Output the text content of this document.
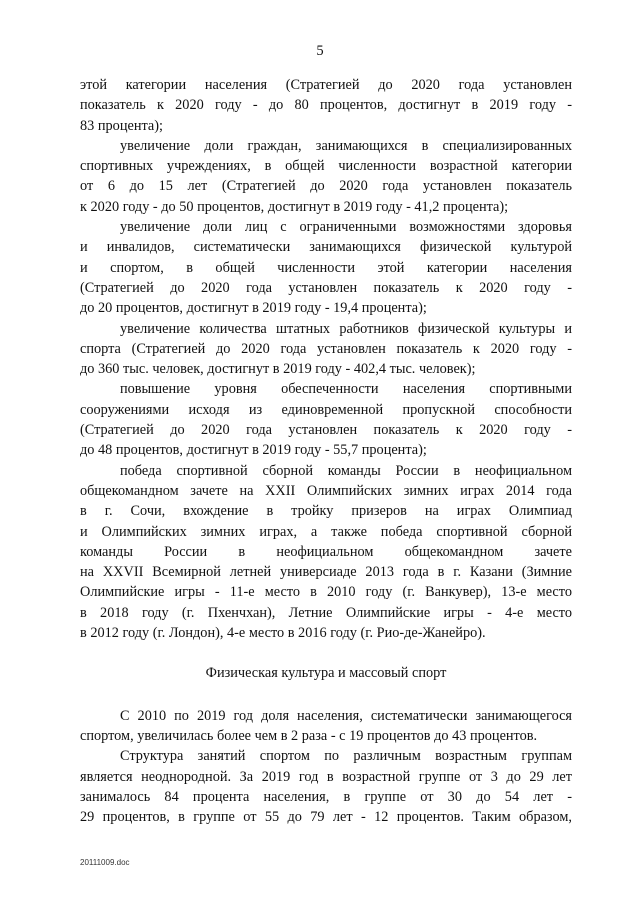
5
этой категории населения (Стратегией до 2020 года установлен
показатель к 2020 году - до 80 процентов, достигнут в 2019 году -
83 процента);
увеличение доли граждан, занимающихся в специализированных
спортивных учреждениях, в общей численности возрастной категории
от 6 до 15 лет (Стратегией до 2020 года установлен показатель
к 2020 году - до 50 процентов, достигнут в 2019 году - 41,2 процента);
увеличение доли лиц с ограниченными возможностями здоровья
и инвалидов, систематически занимающихся физической культурой
и спортом, в общей численности этой категории населения
(Стратегией до 2020 года установлен показатель к 2020 году -
до 20 процентов, достигнут в 2019 году - 19,4 процента);
увеличение количества штатных работников физической культуры и
спорта (Стратегией до 2020 года установлен показатель к 2020 году -
до 360 тыс. человек, достигнут в 2019 году - 402,4 тыс. человек);
повышение уровня обеспеченности населения спортивными
сооружениями исходя из единовременной пропускной способности
(Стратегией до 2020 года установлен показатель к 2020 году -
до 48 процентов, достигнут в 2019 году - 55,7 процента);
победа спортивной сборной команды России в неофициальном
общекомандном зачете на XXII Олимпийских зимних играх 2014 года
в г. Сочи, вхождение в тройку призеров на играх Олимпиад
и Олимпийских зимних играх, а также победа спортивной сборной
команды России в неофициальном общекомандном зачете
на XXVII Всемирной летней универсиаде 2013 года в г. Казани (Зимние
Олимпийские игры - 11-е место в 2010 году (г. Ванкувер), 13-е место
в 2018 году (г. Пхенчхан), Летние Олимпийские игры - 4-е место
в 2012 году (г. Лондон), 4-е место в 2016 году (г. Рио-де-Жанейро).
Физическая культура и массовый спорт
С 2010 по 2019 год доля населения, систематически занимающегося
спортом, увеличилась более чем в 2 раза - с 19 процентов до 43 процентов.
Структура занятий спортом по различным возрастным группам
является неоднородной. За 2019 год в возрастной группе от 3 до 29 лет
занималось 84 процента населения, в группе от 30 до 54 лет -
29 процентов, в группе от 55 до 79 лет - 12 процентов. Таким образом,
20111009.doc
